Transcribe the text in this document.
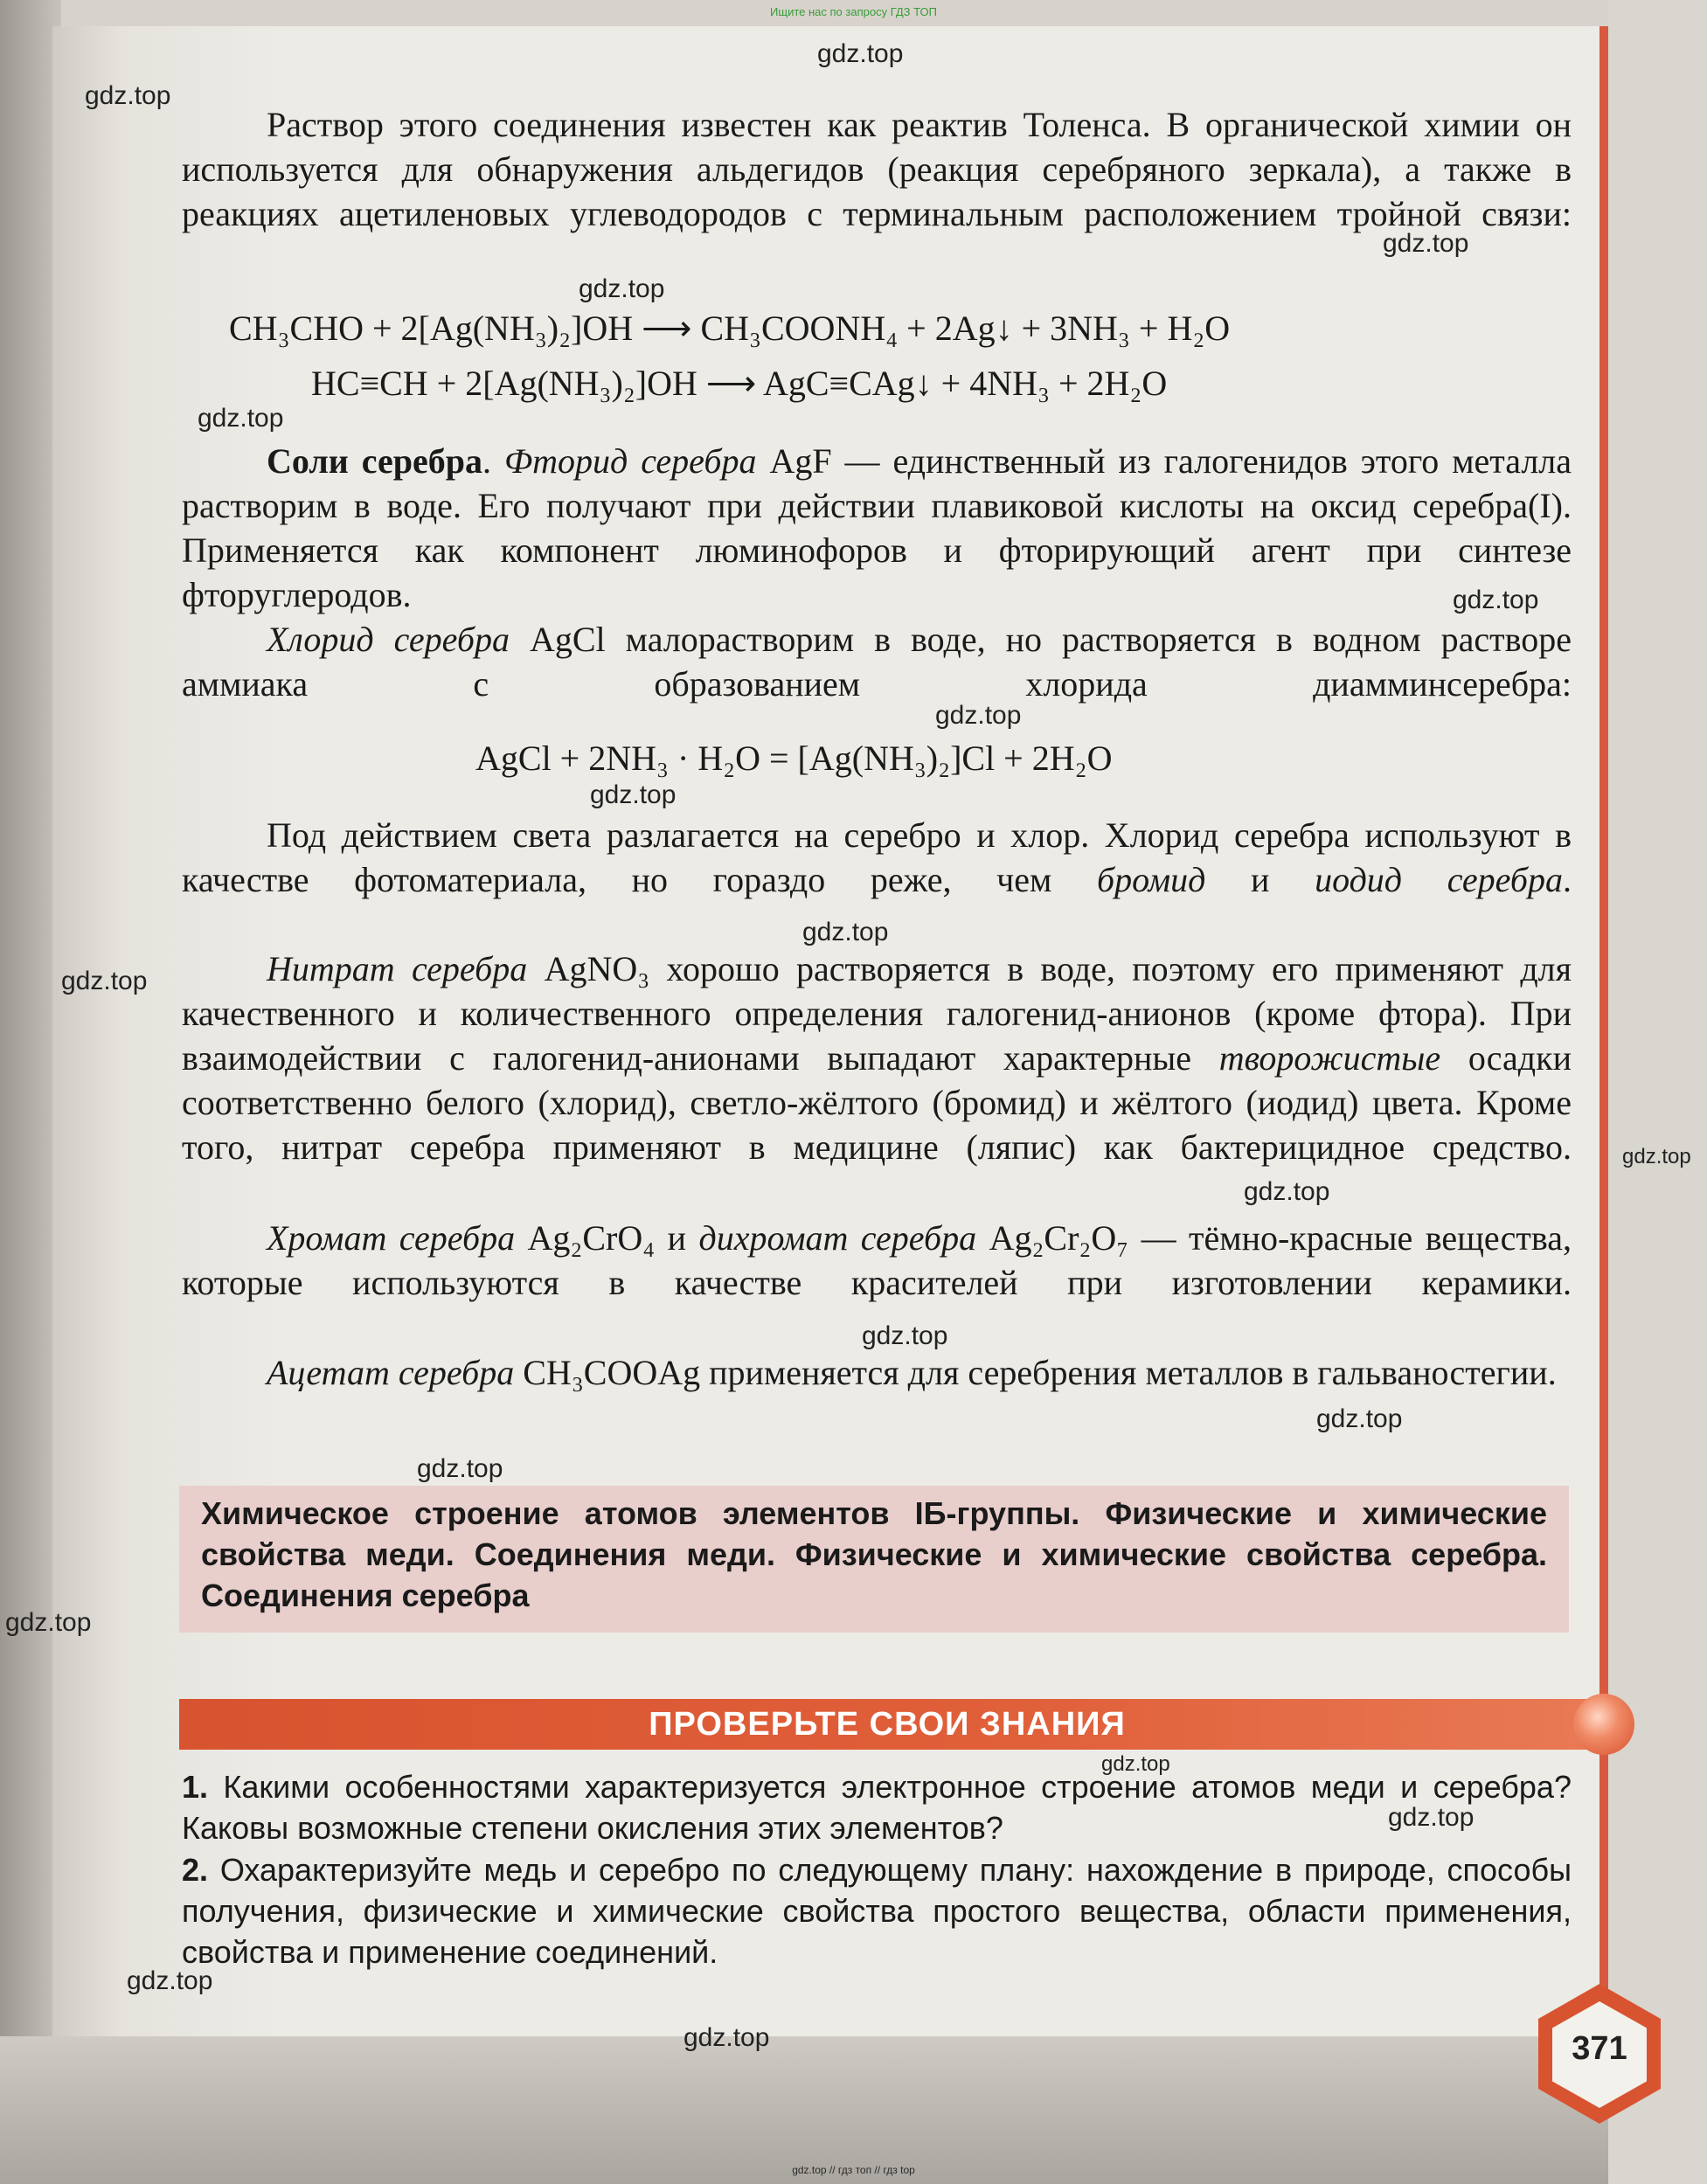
Ищите нас по запросу ГДЗ ТОП
Раствор этого соединения известен как реактив Толенса. В органической химии он используется для обнаружения альдегидов (реакция серебряного зеркала), а также в реакциях ацетиленовых углеводородов с терминальным расположением тройной связи:
CH₃CHO + 2[Ag(NH₃)₂]OH ⟶ CH₃COONH₄ + 2Ag↓ + 3NH₃ + H₂O
HC≡CH + 2[Ag(NH₃)₂]OH ⟶ AgC≡CAg↓ + 4NH₃ + 2H₂O
Соли серебра. Фторид серебра AgF — единственный из галогенидов этого металла растворим в воде. Его получают при действии плавиковой кислоты на оксид серебра(I). Применяется как компонент люминофоров и фторирующий агент при синтезе фторуглеродов.
Хлорид серебра AgCl малорастворим в воде, но растворяется в водном растворе аммиака с образованием хлорида диамминсеребра:
AgCl + 2NH₃ · H₂O = [Ag(NH₃)₂]Cl + 2H₂O
Под действием света разлагается на серебро и хлор. Хлорид серебра используют в качестве фотоматериала, но гораздо реже, чем бромид и иодид серебра.
Нитрат серебра AgNO₃ хорошо растворяется в воде, поэтому его применяют для качественного и количественного определения галогенид-анионов (кроме фтора). При взаимодействии с галогенид-анионами выпадают характерные творожистые осадки соответственно белого (хлорид), светло-жёлтого (бромид) и жёлтого (иодид) цвета. Кроме того, нитрат серебра применяют в медицине (ляпис) как бактерицидное средство.
Хромат серебра Ag₂CrO₄ и дихромат серебра Ag₂Cr₂O₇ — тёмно-красные вещества, которые используются в качестве красителей при изготовлении керамики.
Ацетат серебра CH₃COOAg применяется для серебрения металлов в гальваностегии.
Химическое строение атомов элементов IБ-группы. Физические и химические свойства меди. Соединения меди. Физические и химические свойства серебра. Соединения серебра
ПРОВЕРЬТЕ СВОИ ЗНАНИЯ
1. Какими особенностями характеризуется электронное строение атомов меди и серебра? Каковы возможные степени окисления этих элементов?
2. Охарактеризуйте медь и серебро по следующему плану: нахождение в природе, способы получения, физические и химические свойства простого вещества, области применения, свойства и применение соединений.
371
gdz.top
gdz.top
gdz.top
gdz.top
gdz.top
gdz.top
gdz.top
gdz.top
gdz.top
gdz.top
gdz.top
gdz.top
gdz.top
gdz.top
gdz.top
gdz.top
gdz.top
gdz.top
gdz.top
gdz.top
gdz.top // гдз топ // гдз top
